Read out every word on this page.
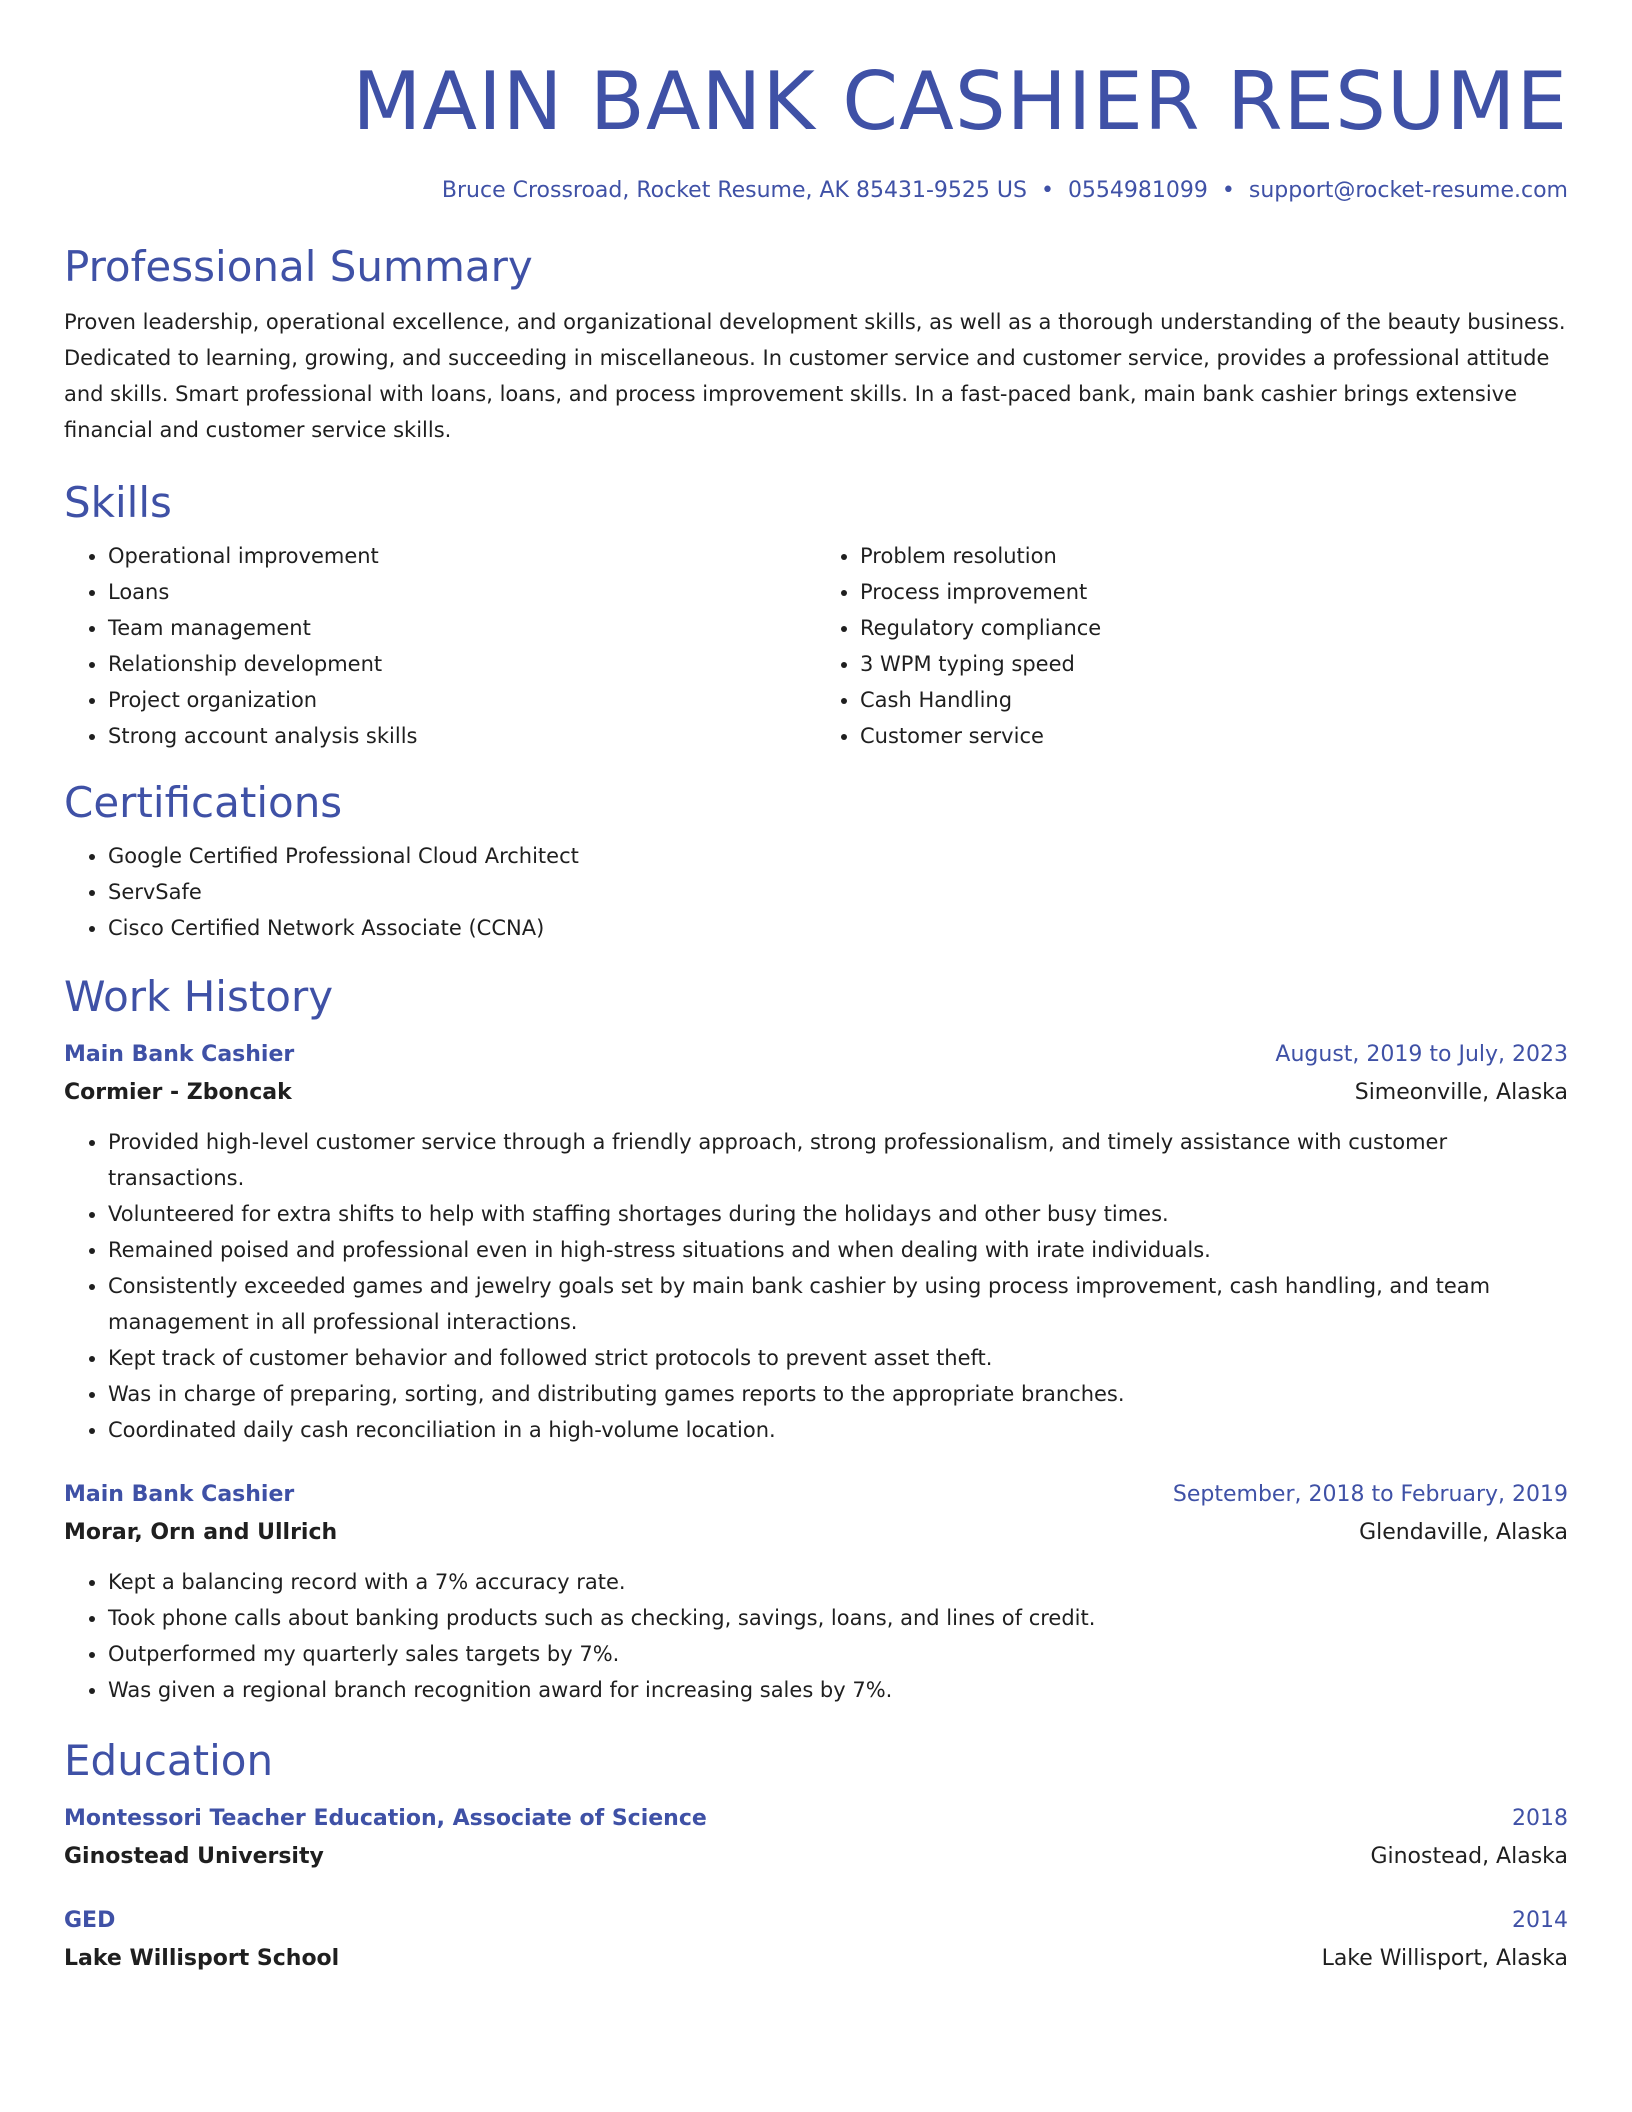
MAIN BANK CASHIER RESUME
Bruce Crossroad, Rocket Resume, AK 85431-9525 US • 0554981099 • support@rocket-resume.com
Professional Summary
Proven leadership, operational excellence, and organizational development skills, as well as a thorough understanding of the beauty business. Dedicated to learning, growing, and succeeding in miscellaneous. In customer service and customer service, provides a professional attitude and skills. Smart professional with loans, loans, and process improvement skills. In a fast-paced bank, main bank cashier brings extensive financial and customer service skills.
Skills
• Operational improvement
• Loans
• Team management
• Relationship development
• Project organization
• Strong account analysis skills
• Problem resolution
• Process improvement
• Regulatory compliance
• 3 WPM typing speed
• Cash Handling
• Customer service
Certifications
• Google Certified Professional Cloud Architect
• ServSafe
• Cisco Certified Network Associate (CCNA)
Work History
Main Bank Cashier	August, 2019 to July, 2023
Cormier - Zboncak	Simeonville, Alaska
• Provided high-level customer service through a friendly approach, strong professionalism, and timely assistance with customer transactions.
• Volunteered for extra shifts to help with staffing shortages during the holidays and other busy times.
• Remained poised and professional even in high-stress situations and when dealing with irate individuals.
• Consistently exceeded games and jewelry goals set by main bank cashier by using process improvement, cash handling, and team management in all professional interactions.
• Kept track of customer behavior and followed strict protocols to prevent asset theft.
• Was in charge of preparing, sorting, and distributing games reports to the appropriate branches.
• Coordinated daily cash reconciliation in a high-volume location.
Main Bank Cashier	September, 2018 to February, 2019
Morar, Orn and Ullrich	Glendaville, Alaska
• Kept a balancing record with a 7% accuracy rate.
• Took phone calls about banking products such as checking, savings, loans, and lines of credit.
• Outperformed my quarterly sales targets by 7%.
• Was given a regional branch recognition award for increasing sales by 7%.
Education
Montessori Teacher Education, Associate of Science	2018
Ginostead University	Ginostead, Alaska
GED	2014
Lake Willisport School	Lake Willisport, Alaska
